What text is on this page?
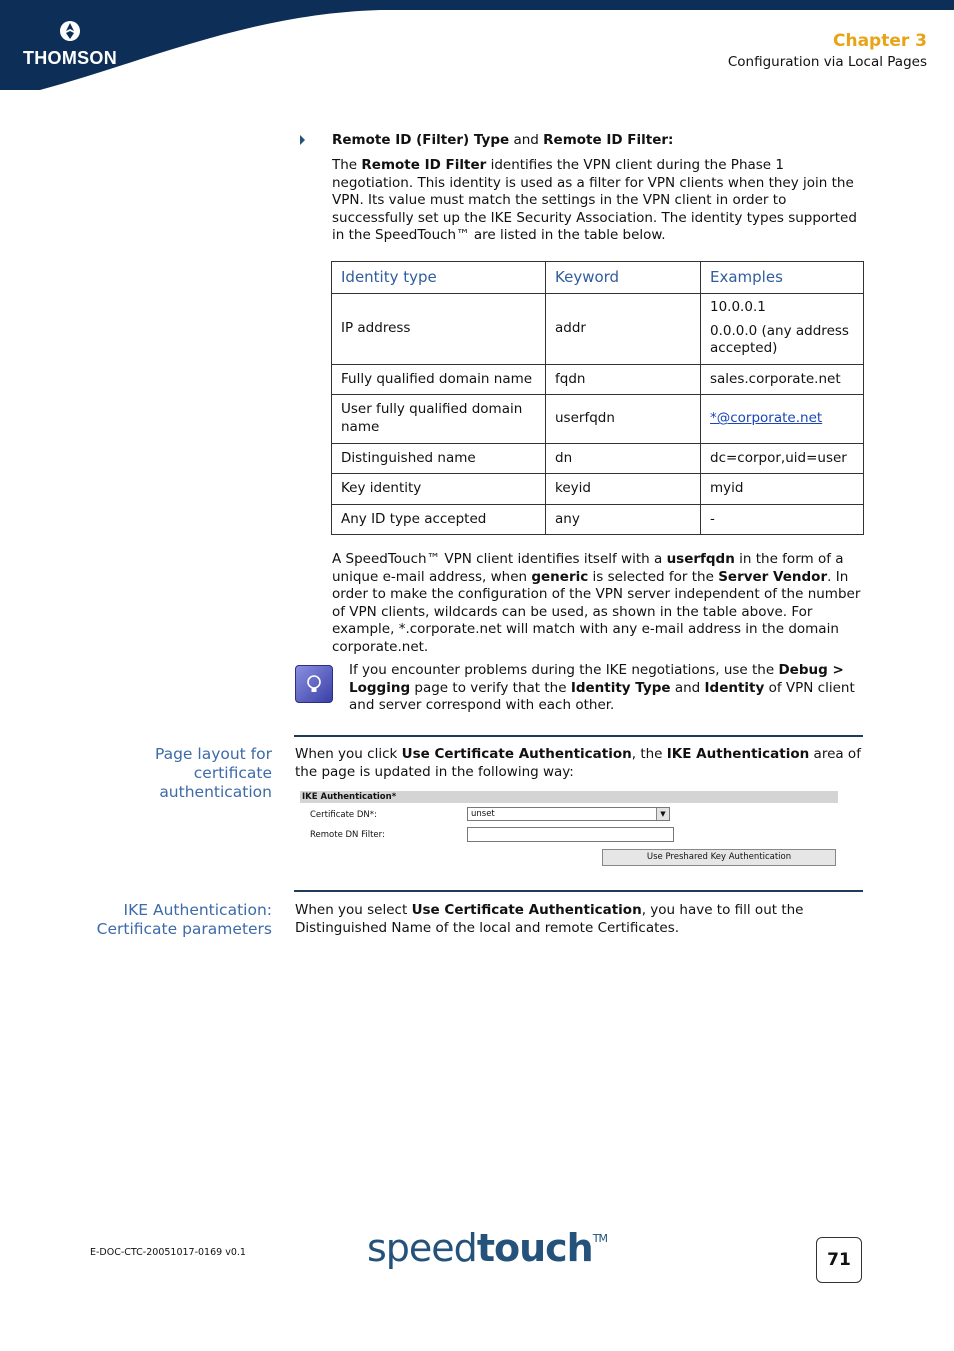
THOMSON
Chapter 3
Configuration via Local Pages

Remote ID (Filter) Type and Remote ID Filter:

The Remote ID Filter identifies the VPN client during the Phase 1 negotiation. This identity is used as a filter for VPN clients when they join the VPN. Its value must match the settings in the VPN client in order to successfully set up the IKE Security Association. The identity types supported in the SpeedTouch™ are listed in the table below.

Identity type	Keyword	Examples
IP address	addr	10.0.0.1
0.0.0.0 (any address accepted)

Fully qualified domain name	fqdn	sales.corporate.net
User fully qualified domain name	userfqdn	*@corporate.net
Distinguished name	dn	dc=corpor,uid=user
Key identity	keyid	myid
Any ID type accepted	any	-

A SpeedTouch™ VPN client identifies itself with a userfqdn in the form of a unique e-mail address, when generic is selected for the Server Vendor. In order to make the configuration of the VPN server independent of the number of VPN clients, wildcards can be used, as shown in the table above. For example, *.corporate.net will match with any e-mail address in the domain corporate.net.

If you encounter problems during the IKE negotiations, use the Debug > Logging page to verify that the Identity Type and Identity of VPN client and server correspond with each other.

Page layout for
certificate
authentication

When you click Use Certificate Authentication, the IKE Authentication area of the page is updated in the following way:

IKE Authentication*
Certificate DN*:	unset	▼
Remote DN Filter:
Use Preshared Key Authentication
IKE Authentication:
Certificate parameters

When you select Use Certificate Authentication, you have to fill out the Distinguished Name of the local and remote Certificates.

E-DOC-CTC-20051017-0169 v0.1	speedtouch™
71
